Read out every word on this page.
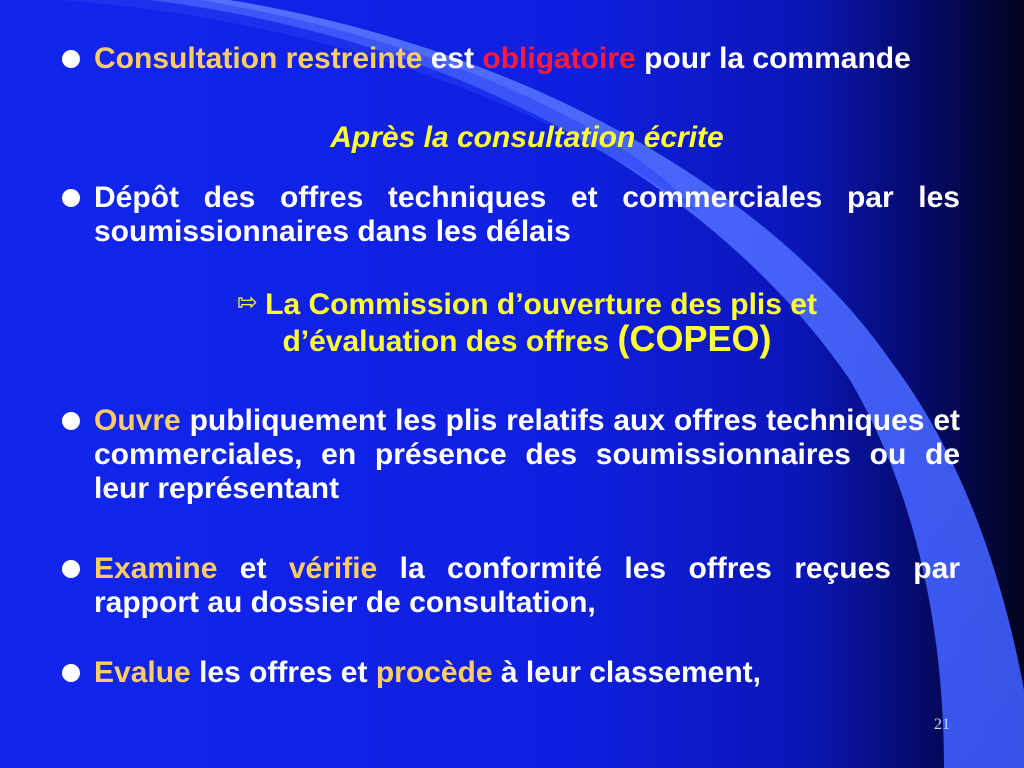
Consultation restreinte est obligatoire pour la commande
Après la consultation écrite
Dépôt des offres techniques et commerciales par les soumissionnaires dans les délais
⇰ La Commission d’ouverture des plis et
d’évaluation des offres (COPEO)
Ouvre publiquement les plis relatifs aux offres techniques et commerciales, en présence des soumissionnaires ou de leur représentant
Examine et vérifie la conformité les offres reçues par rapport au dossier de consultation,
Evalue les offres et procède à leur classement,
21
